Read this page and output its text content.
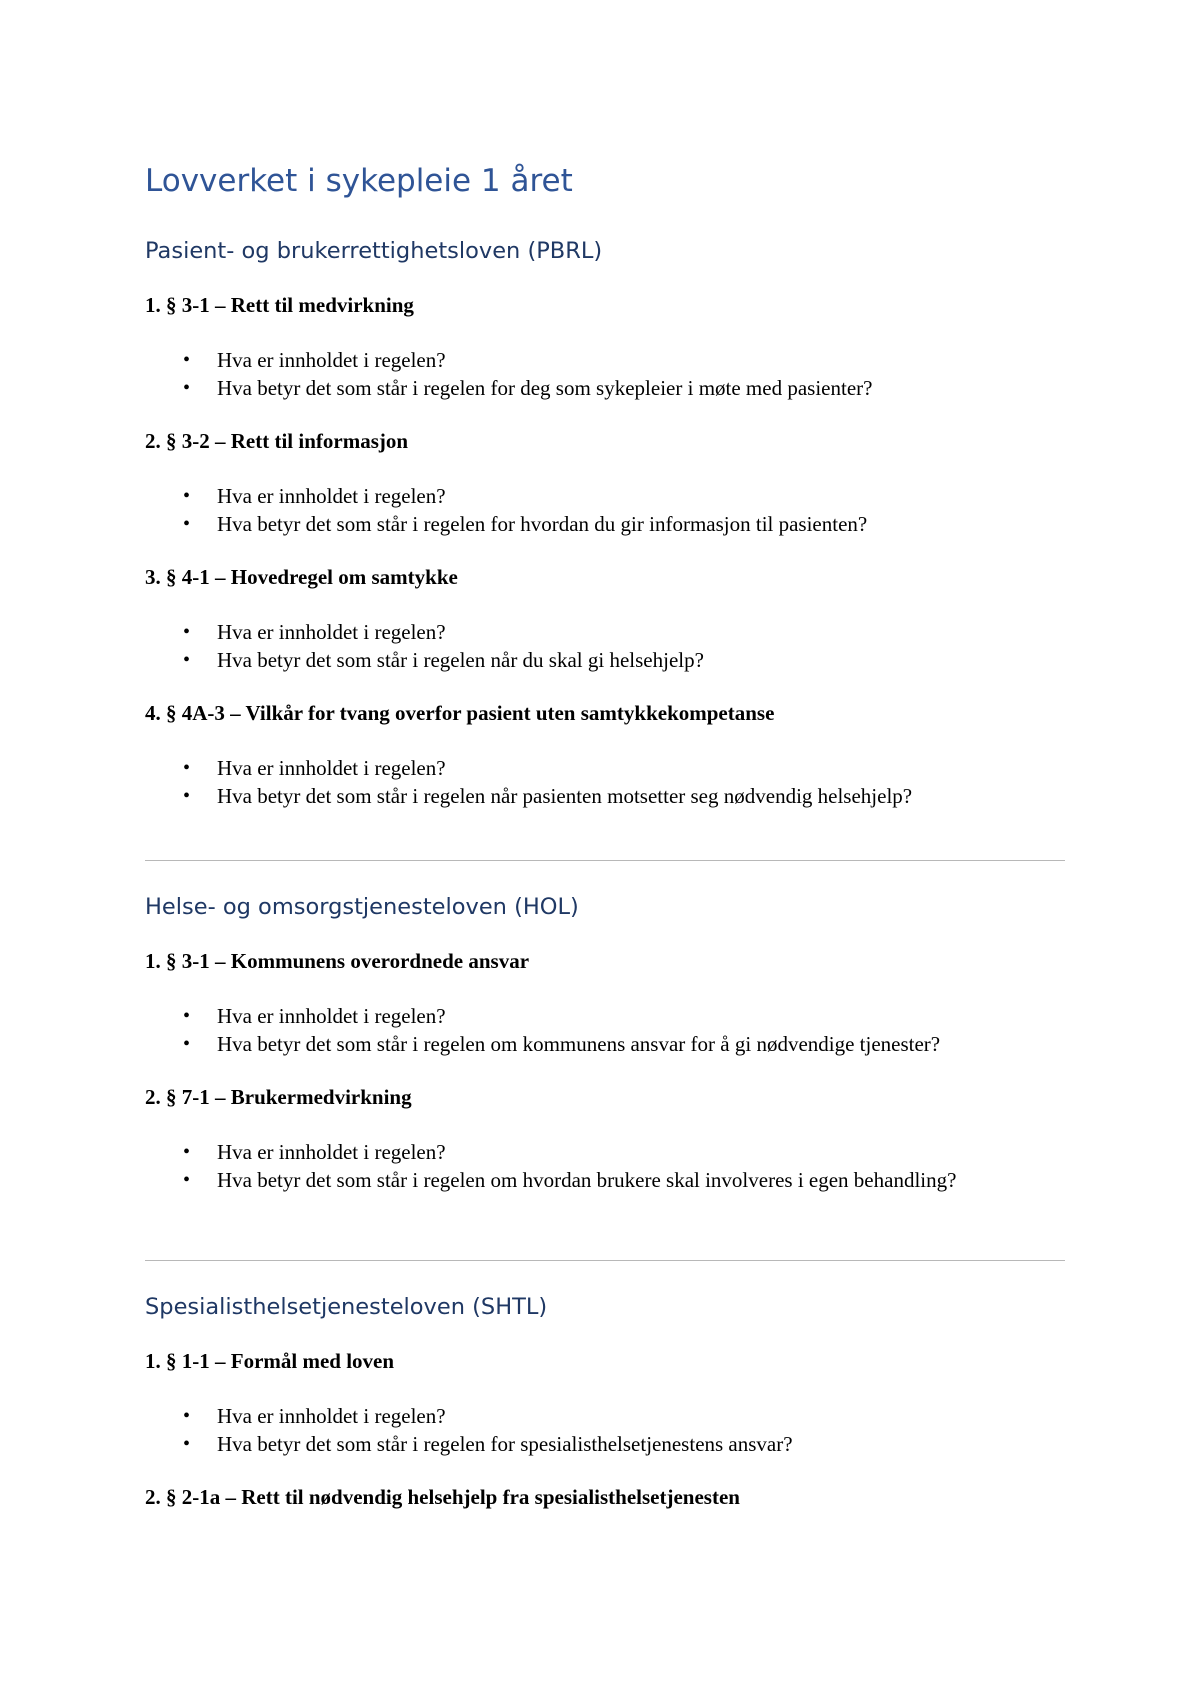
Lovverket i sykepleie 1 året
Pasient- og brukerrettighetsloven (PBRL)

1. § 3-1 – Rett til medvirkning

• Hva er innholdet i regelen?
• Hva betyr det som står i regelen for deg som sykepleier i møte med pasienter?

2. § 3-2 – Rett til informasjon

• Hva er innholdet i regelen?
• Hva betyr det som står i regelen for hvordan du gir informasjon til pasienten?

3. § 4-1 – Hovedregel om samtykke

• Hva er innholdet i regelen?
• Hva betyr det som står i regelen når du skal gi helsehjelp?

4. § 4A-3 – Vilkår for tvang overfor pasient uten samtykkekompetanse

• Hva er innholdet i regelen?
• Hva betyr det som står i regelen når pasienten motsetter seg nødvendig helsehjelp?
Helse- og omsorgstjenesteloven (HOL)

1. § 3-1 – Kommunens overordnede ansvar

• Hva er innholdet i regelen?
• Hva betyr det som står i regelen om kommunens ansvar for å gi nødvendige tjenester?

2. § 7-1 – Brukermedvirkning

• Hva er innholdet i regelen?
• Hva betyr det som står i regelen om hvordan brukere skal involveres i egen behandling?
Spesialisthelsetjenesteloven (SHTL)

1. § 1-1 – Formål med loven

• Hva er innholdet i regelen?
• Hva betyr det som står i regelen for spesialisthelsetjenestens ansvar?

2. § 2-1a – Rett til nødvendig helsehjelp fra spesialisthelsetjenesten
